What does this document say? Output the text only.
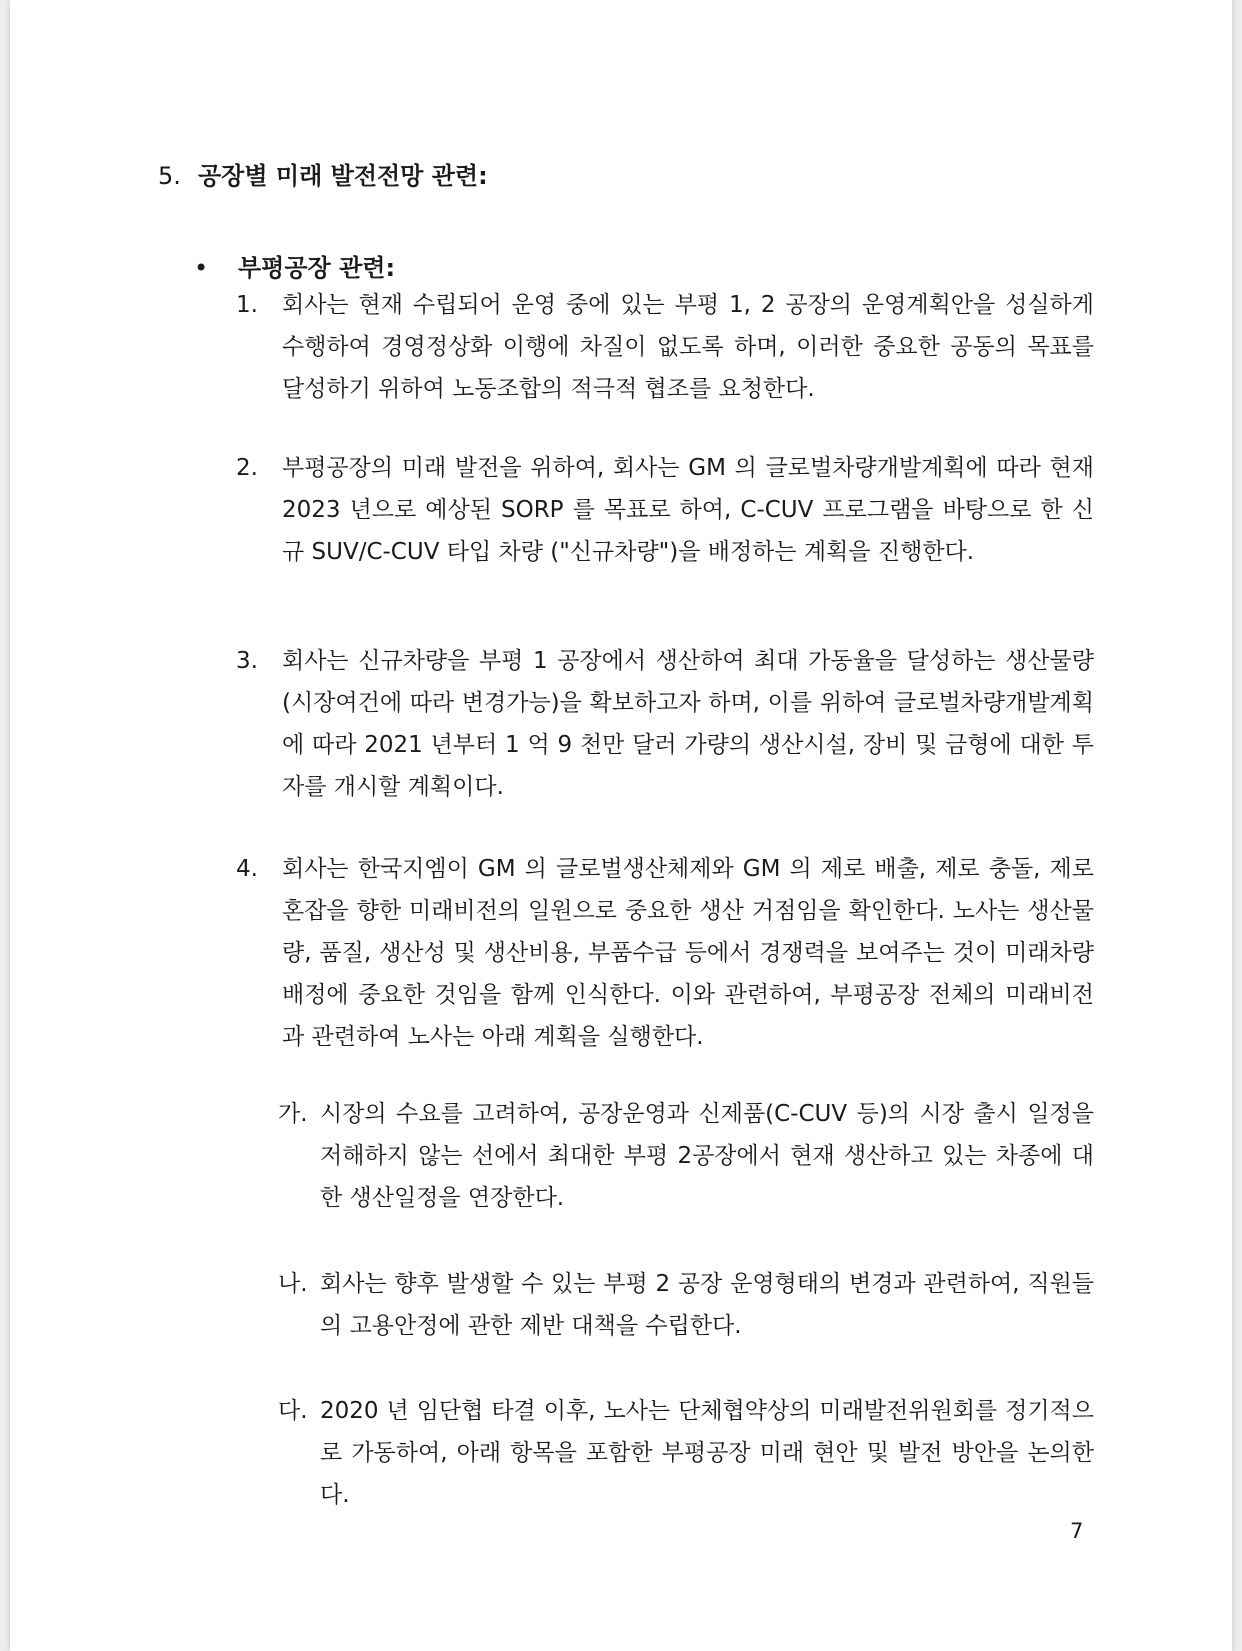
5. 공장별 미래 발전전망 관련:
• 부평공장 관련:
1. 회사는 현재 수립되어 운영 중에 있는 부평 1, 2 공장의 운영계획안을 성실하게 수행하여 경영정상화 이행에 차질이 없도록 하며, 이러한 중요한 공동의 목표를 달성하기 위하여 노동조합의 적극적 협조를 요청한다.
2. 부평공장의 미래 발전을 위하여, 회사는 GM 의 글로벌차량개발계획에 따라 현재 2023 년으로 예상된 SORP 를 목표로 하여, C-CUV 프로그램을 바탕으로 한 신규 SUV/C-CUV 타입 차량 ("신규차량")을 배정하는 계획을 진행한다.
3. 회사는 신규차량을 부평 1 공장에서 생산하여 최대 가동율을 달성하는 생산물량 (시장여건에 따라 변경가능)을 확보하고자 하며, 이를 위하여 글로벌차량개발계획에 따라 2021 년부터 1 억 9 천만 달러 가량의 생산시설, 장비 및 금형에 대한 투자를 개시할 계획이다.
4. 회사는 한국지엠이 GM 의 글로벌생산체제와 GM 의 제로 배출, 제로 충돌, 제로 혼잡을 향한 미래비전의 일원으로 중요한 생산 거점임을 확인한다. 노사는 생산물량, 품질, 생산성 및 생산비용, 부품수급 등에서 경쟁력을 보여주는 것이 미래차량배정에 중요한 것임을 함께 인식한다. 이와 관련하여, 부평공장 전체의 미래비전과 관련하여 노사는 아래 계획을 실행한다.
가. 시장의 수요를 고려하여, 공장운영과 신제품(C-CUV 등)의 시장 출시 일정을 저해하지 않는 선에서 최대한 부평 2공장에서 현재 생산하고 있는 차종에 대한 생산일정을 연장한다.
나. 회사는 향후 발생할 수 있는 부평 2 공장 운영형태의 변경과 관련하여, 직원들의 고용안정에 관한 제반 대책을 수립한다.
다. 2020 년 임단협 타결 이후, 노사는 단체협약상의 미래발전위원회를 정기적으로 가동하여, 아래 항목을 포함한 부평공장 미래 현안 및 발전 방안을 논의한다.
7
